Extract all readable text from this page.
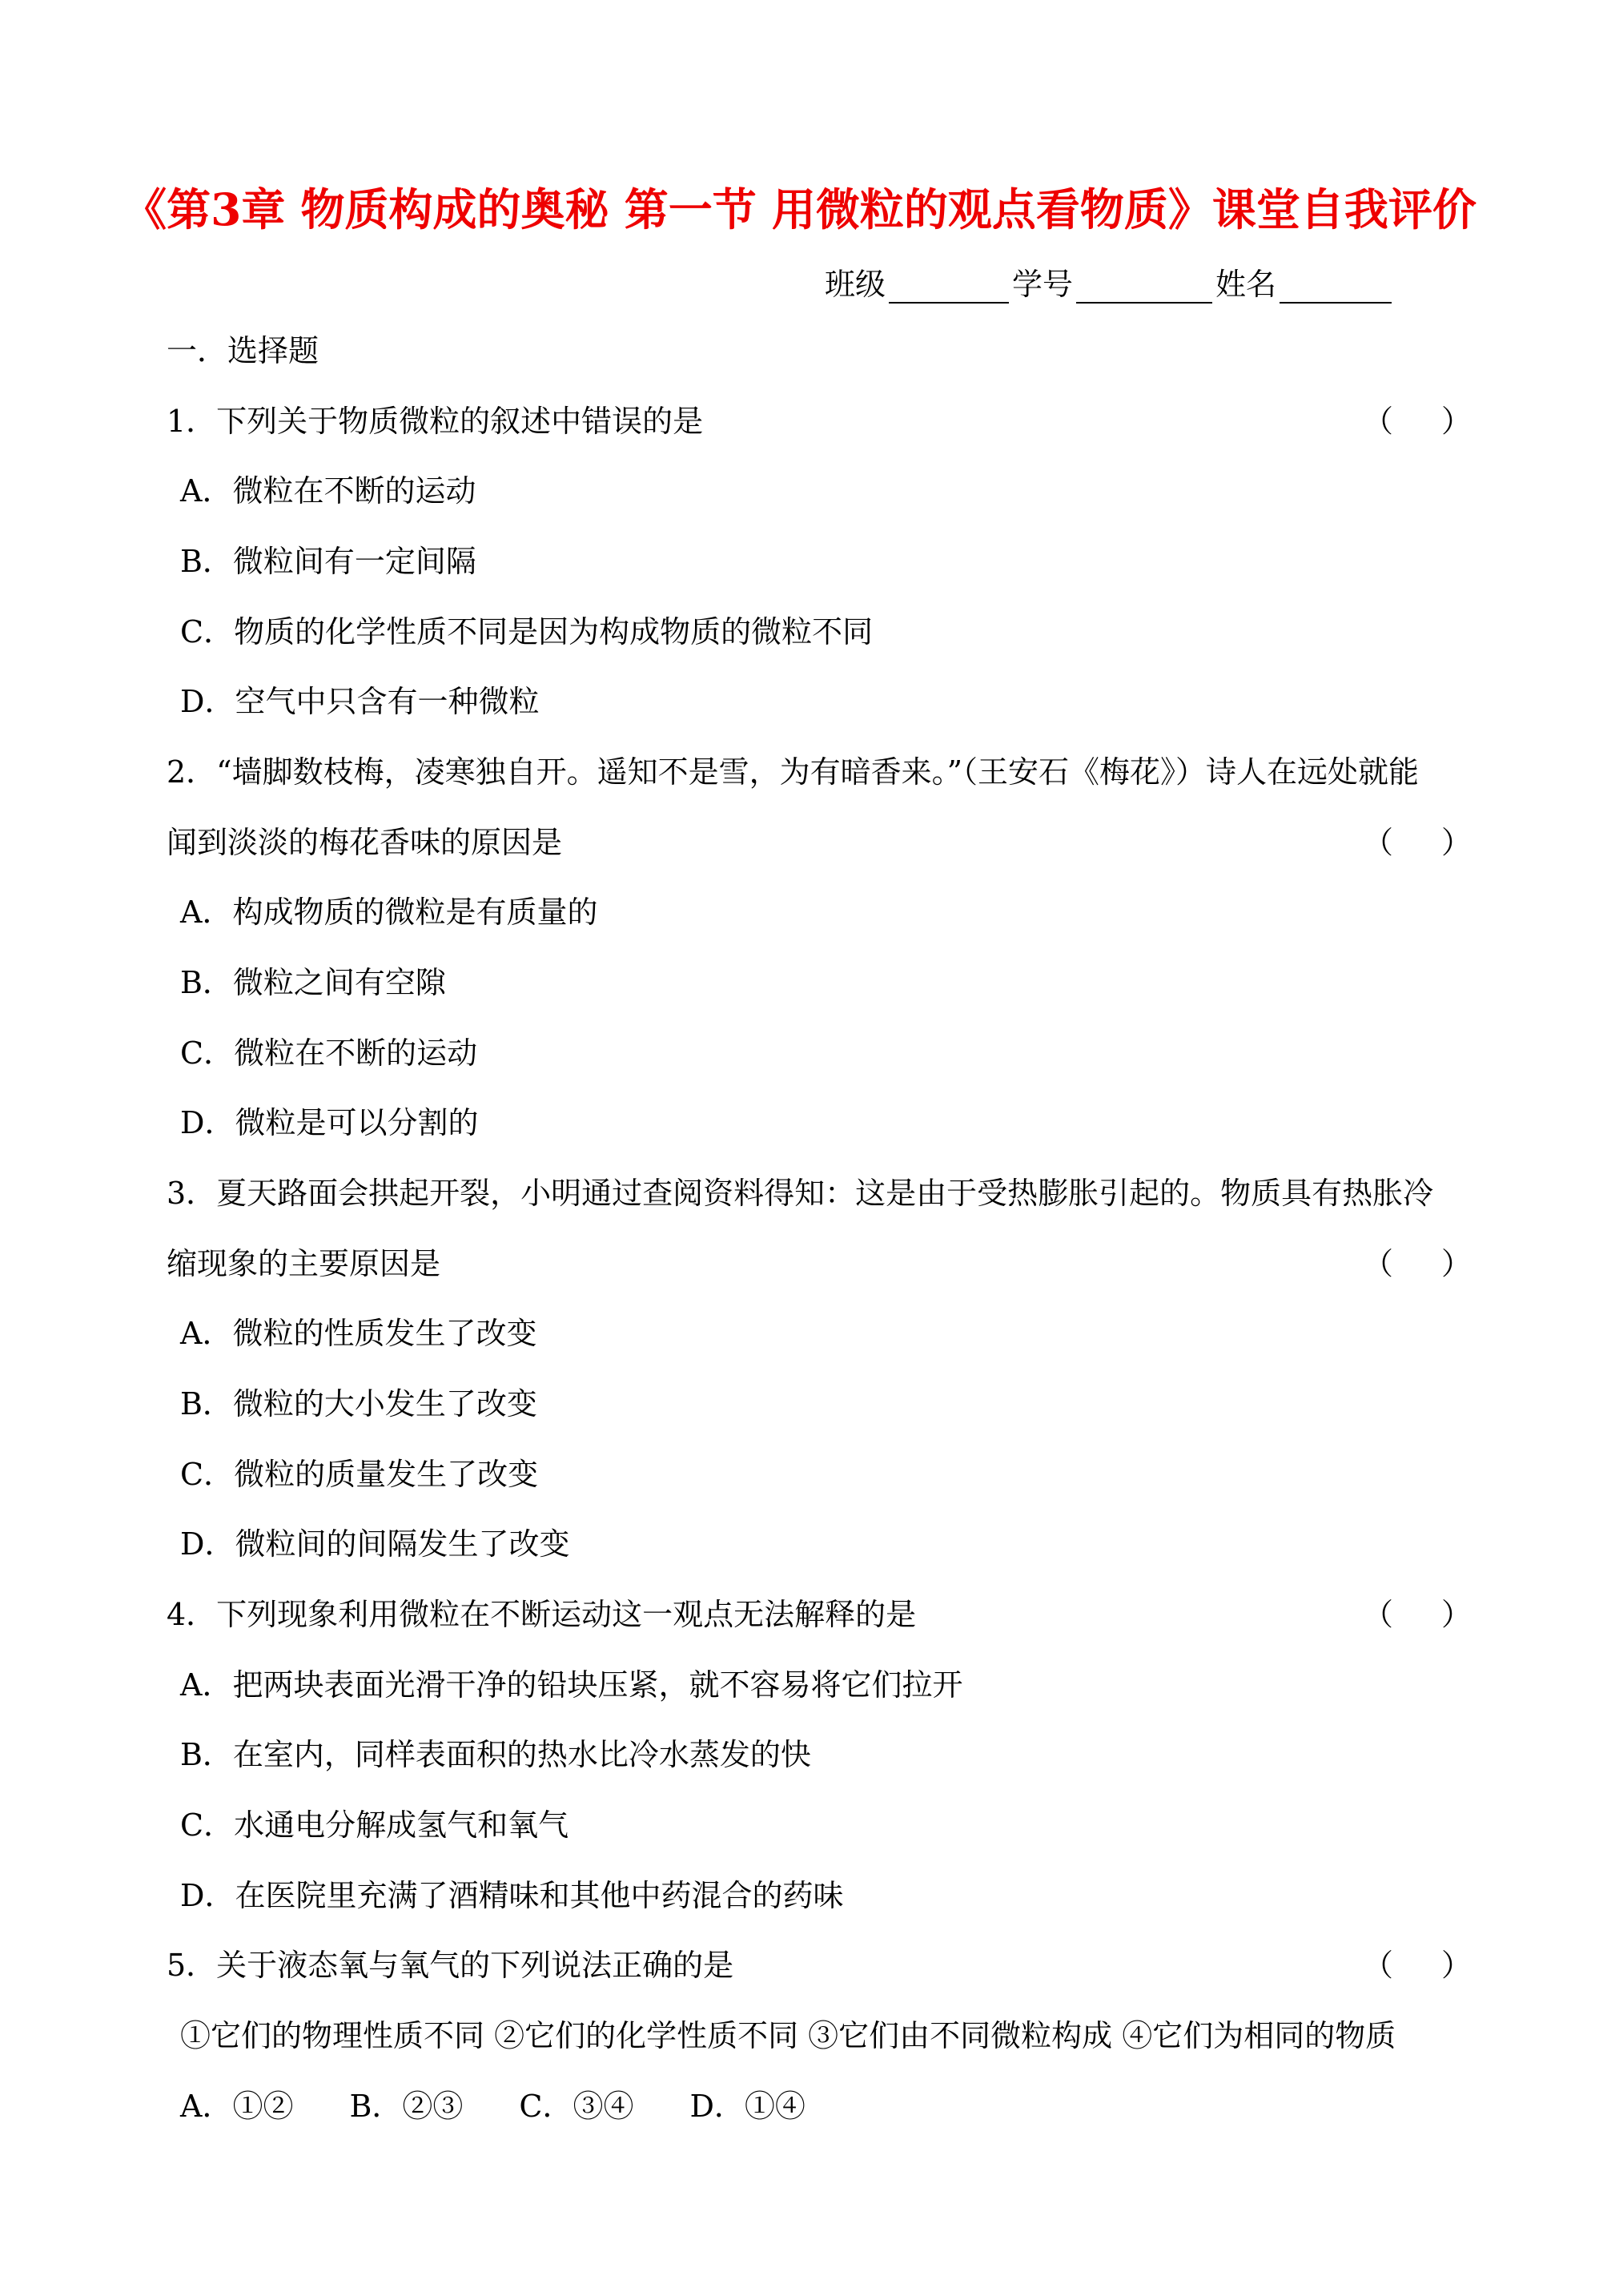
《第3章 物质构成的奥秘 第一节 用微粒的观点看物质》课堂自我评价
班级	学号	姓名
一．选择题
1．下列关于物质微粒的叙述中错误的是	（ ）
A．微粒在不断的运动
B．微粒间有一定间隔
C．物质的化学性质不同是因为构成物质的微粒不同
D．空气中只含有一种微粒
2．“墙脚数枝梅，凌寒独自开。遥知不是雪，为有暗香来。”（王安石《梅花》）诗人在远处就能
闻到淡淡的梅花香味的原因是	（ ）
A．构成物质的微粒是有质量的
B．微粒之间有空隙
C．微粒在不断的运动
D．微粒是可以分割的
3．夏天路面会拱起开裂，小明通过查阅资料得知：这是由于受热膨胀引起的。物质具有热胀冷
缩现象的主要原因是	（ ）
A．微粒的性质发生了改变
B．微粒的大小发生了改变
C．微粒的质量发生了改变
D．微粒间的间隔发生了改变
4．下列现象利用微粒在不断运动这一观点无法解释的是	（ ）
A．把两块表面光滑干净的铅块压紧，就不容易将它们拉开
B．在室内，同样表面积的热水比冷水蒸发的快
C．水通电分解成氢气和氧气
D．在医院里充满了酒精味和其他中药混合的药味
5．关于液态氧与氧气的下列说法正确的是	（ ）
①它们的物理性质不同 ②它们的化学性质不同 ③它们由不同微粒构成 ④它们为相同的物质
A．①② B．②③ C．③④ D．①④
